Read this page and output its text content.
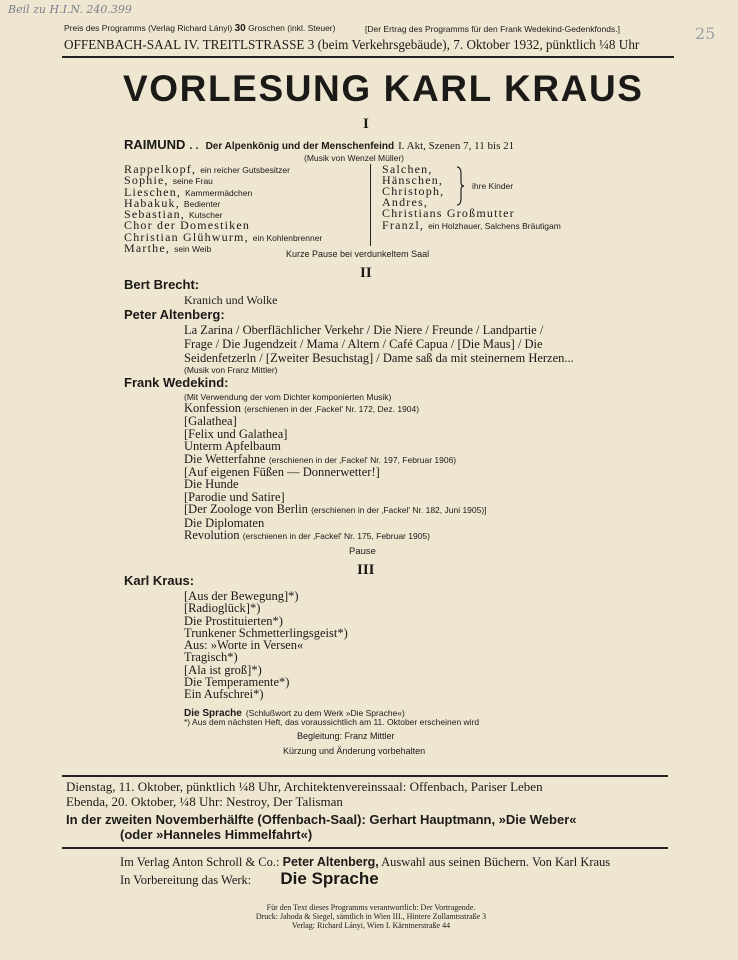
Beil zu H.I.N. 240.399
25
Preis des Programms (Verlag Richard Lányi) 30 Groschen (inkl. Steuer)	[Der Ertrag des Programms für den Frank Wedekind-Gedenkfonds.]
OFFENBACH-SAAL IV. TREITLSTRASSE 3 (beim Verkehrsgebäude), 7. Oktober 1932, pünktlich ¼8 Uhr
VORLESUNG KARL KRAUS
I
RAIMUND . . Der Alpenkönig und der Menschenfeind I. Akt, Szenen 7, 11 bis 21
(Musik von Wenzel Müller)
Rappelkopf, ein reicher Gutsbesitzer
Sophie, seine Frau
Lieschen, Kammermädchen
Habakuk, Bedienter
Sebastian, Kutscher
Chor der Domestiken
Christian Glühwurm, ein Kohlenbrenner
Marthe, sein Weib
Salchen,
Hänschen,
Christoph,
Andres,
Christians Großmutter
Franzl, ein Holzhauer, Salchens Bräutigam
ihre Kinder
Kurze Pause bei verdunkeltem Saal
II
Bert Brecht:
Kranich und Wolke
Peter Altenberg:
La Zarina / Oberflächlicher Verkehr / Die Niere / Freunde / Landpartie /
Frage / Die Jugendzeit / Mama / Altern / Café Capua / [Die Maus] / Die
Seidenfetzerln / [Zweiter Besuchstag] / Dame saß da mit steinernem Herzen...
(Musik von Franz Mittler)
Frank Wedekind:
(Mit Verwendung der vom Dichter komponierten Musik)
Konfession (erschienen in der ‚Fackel' Nr. 172, Dez. 1904)
[Galathea]
[Felix und Galathea]
Unterm Apfelbaum
Die Wetterfahne (erschienen in der ‚Fackel' Nr. 197, Februar 1906)
[Auf eigenen Füßen — Donnerwetter!]
Die Hunde
[Parodie und Satire]
[Der Zoologe von Berlin (erschienen in der ‚Fackel' Nr. 182, Juni 1905)]
Die Diplomaten
Revolution (erschienen in der ‚Fackel' Nr. 175, Februar 1905)
Pause
III
Karl Kraus:
[Aus der Bewegung]*)
[Radioglück]*)
Die Prostituierten*)
Trunkener Schmetterlingsgeist*)
Aus: »Worte in Versen«
Tragisch*)
[Ala ist groß]*)
Die Temperamente*)
Ein Aufschrei*)
Die Sprache (Schlußwort zu dem Werk »Die Sprache«)
*) Aus dem nächsten Heft, das voraussichtlich am 11. Oktober erscheinen wird
Begleitung: Franz Mittler
Kürzung und Änderung vorbehalten
Dienstag, 11. Oktober, pünktlich ¼8 Uhr, Architektenvereinssaal: Offenbach, Pariser Leben
Ebenda, 20. Oktober, ¼8 Uhr: Nestroy, Der Talisman
In der zweiten Novemberhälfte (Offenbach-Saal): Gerhart Hauptmann, »Die Weber«
(oder »Hanneles Himmelfahrt«)
Im Verlag Anton Schroll & Co.: Peter Altenberg, Auswahl aus seinen Büchern. Von Karl Kraus
In Vorbereitung das Werk: Die Sprache
Für den Text dieses Programms verantwortlich: Der Vortragende.
Druck: Jahoda & Siegel, sämtlich in Wien III., Hintere Zollamtsstraße 3
Verlag: Richard Lányi, Wien I. Kärntnerstraße 44
